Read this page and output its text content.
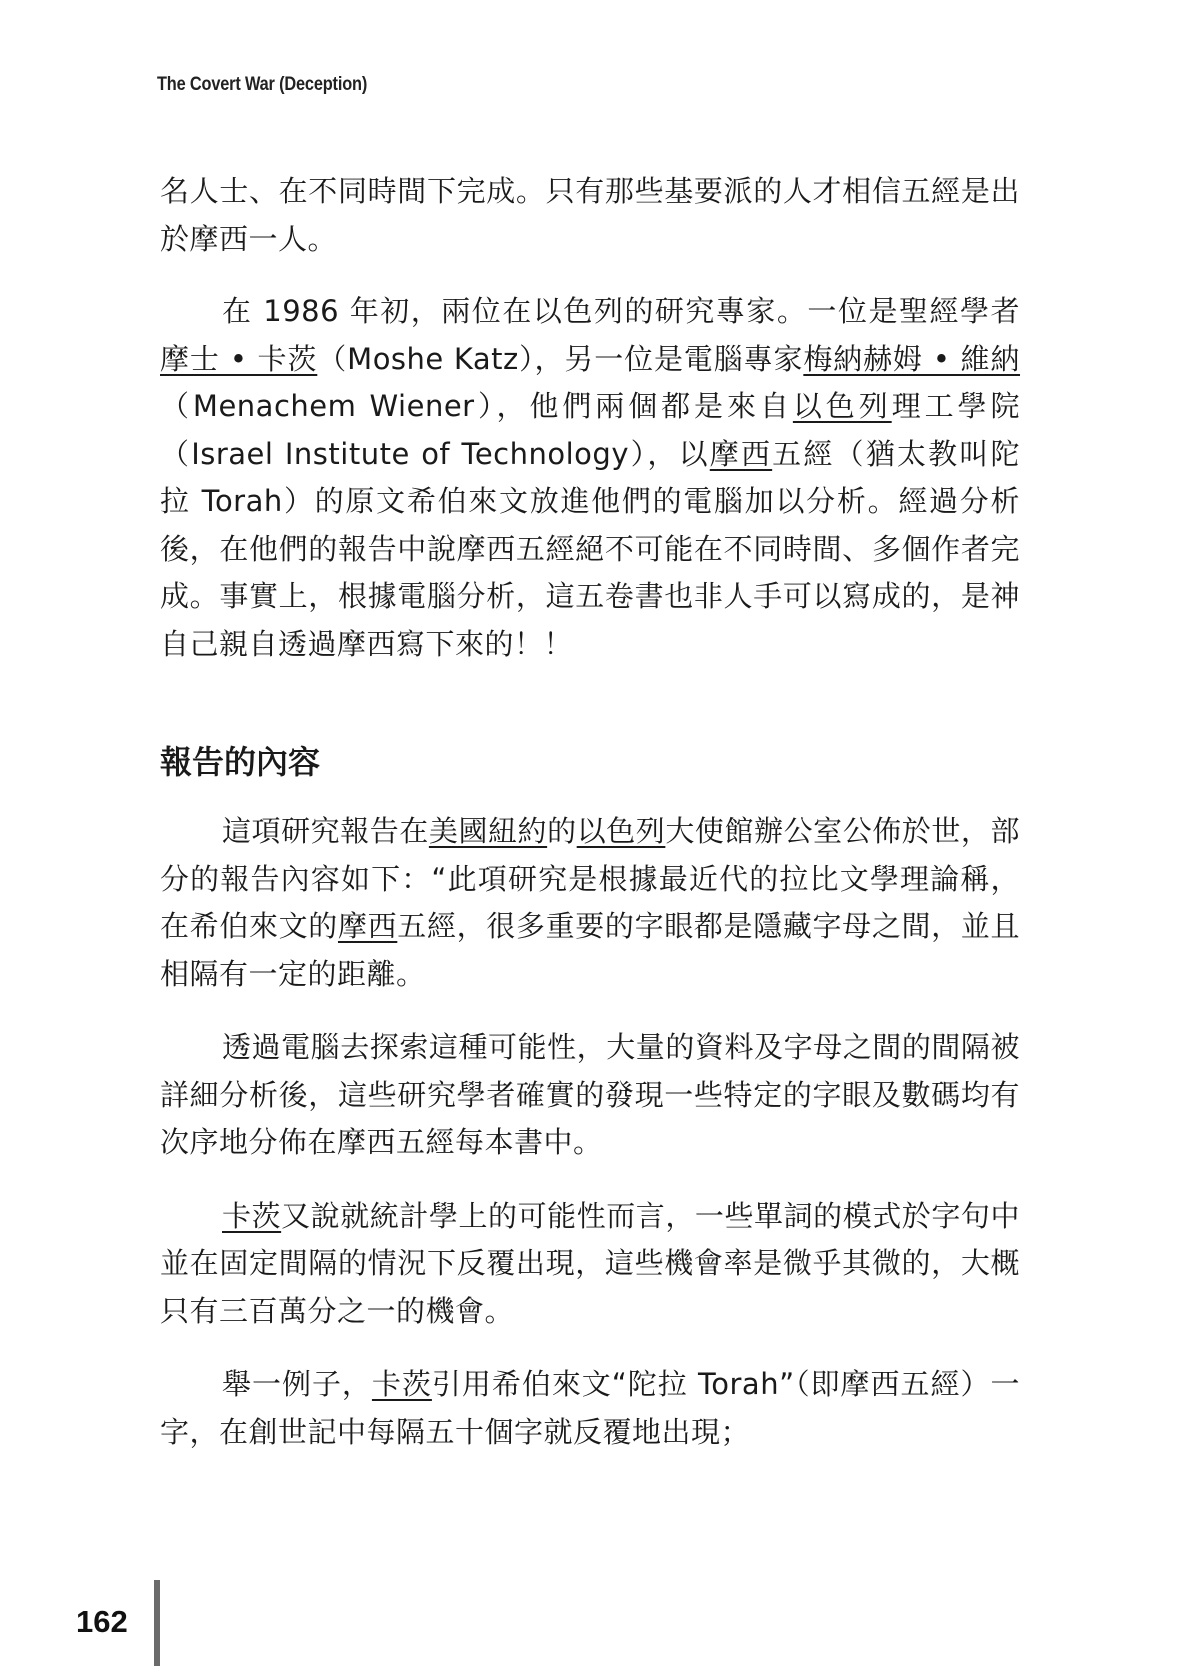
The Covert War (Deception)

名人士、在不同時間下完成。只有那些基要派的人才相信五經是出於摩西一人。

在 1986 年初，兩位在以色列的研究專家。一位是聖經學者摩士 • 卡茨（Moshe Katz），另一位是電腦專家梅納赫姆 • 維納（Menachem Wiener），他們兩個都是來自以色列理工學院（Israel Institute of Technology），以摩西五經（猶太教叫陀拉 Torah）的原文希伯來文放進他們的電腦加以分析。經過分析後，在他們的報告中說摩西五經絕不可能在不同時間、多個作者完成。事實上，根據電腦分析，這五卷書也非人手可以寫成的，是神自己親自透過摩西寫下來的！！

報告的內容

這項研究報告在美國紐約的以色列大使館辦公室公佈於世，部分的報告內容如下：“此項研究是根據最近代的拉比文學理論稱，在希伯來文的摩西五經，很多重要的字眼都是隱藏字母之間，並且相隔有一定的距離。

透過電腦去探索這種可能性，大量的資料及字母之間的間隔被詳細分析後，這些研究學者確實的發現一些特定的字眼及數碼均有次序地分佈在摩西五經每本書中。

卡茨又說就統計學上的可能性而言，一些單詞的模式於字句中並在固定間隔的情況下反覆出現，這些機會率是微乎其微的，大概只有三百萬分之一的機會。

舉一例子，卡茨引用希伯來文“陀拉 Torah”（即摩西五經）一字，在創世記中每隔五十個字就反覆地出現；

162
